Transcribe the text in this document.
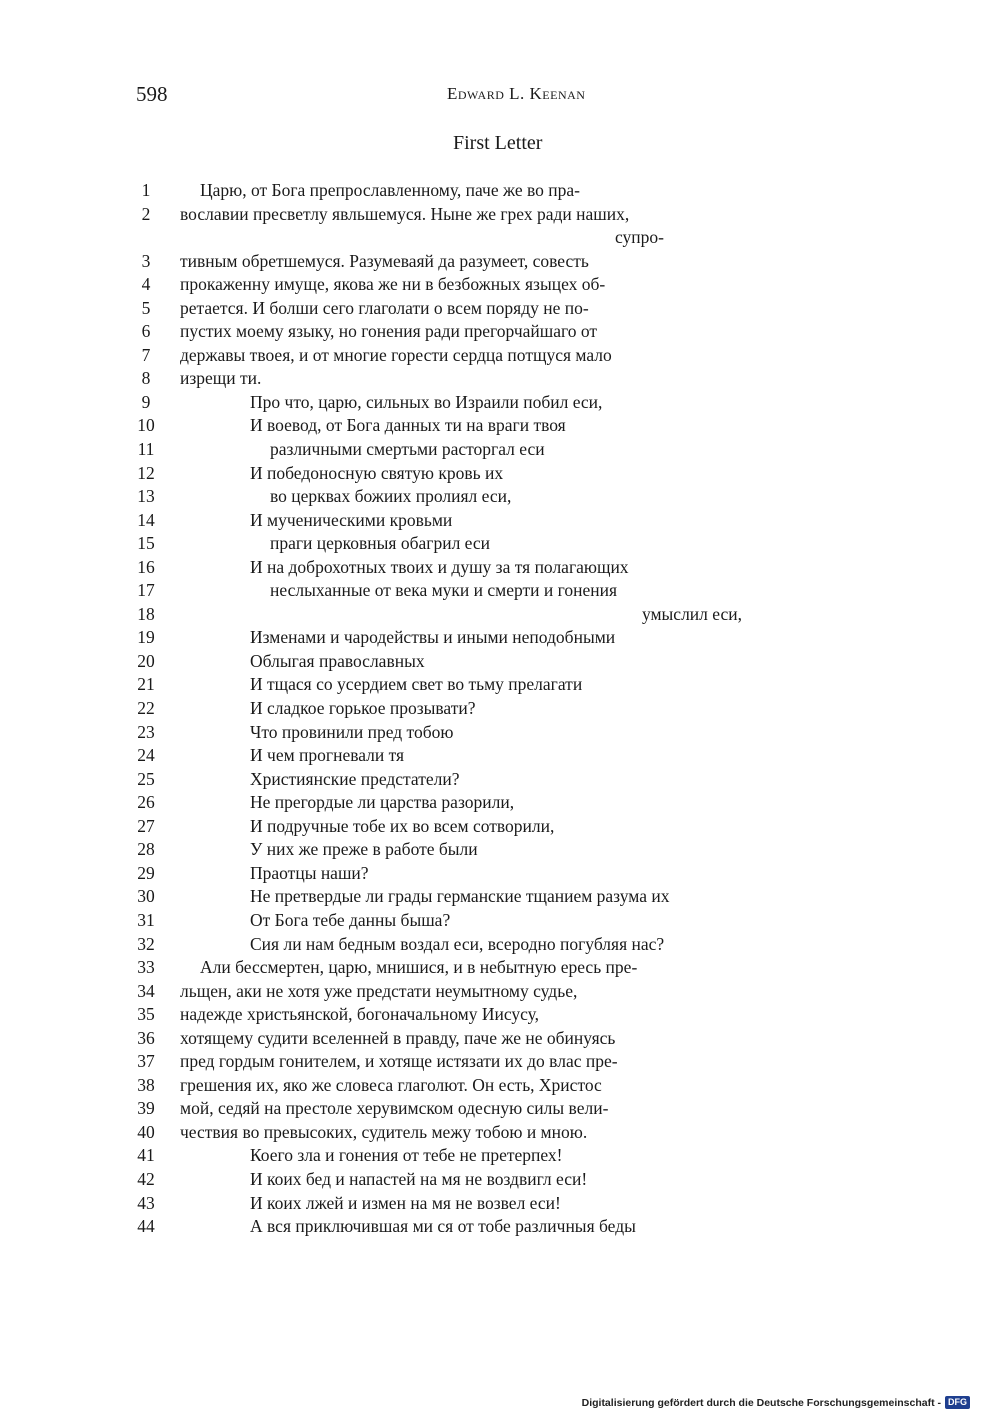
598	Edward L. Keenan
First Letter
1	Царю, от Бога препрославленному, паче же во пра-
2	вославии пресветлу явльшемуся. Ныне же грех ради наших,
супро-
3	тивным обретшемуся. Разумеваяй да разумеет, совесть
4	прокаженну имуще, якова же ни в безбожных языцех об-
5	ретается. И болши сего глаголати о всем поряду не по-
6	пустих моему языку, но гонения ради прегорчайшаго от
7	державы твоея, и от многие горести сердца потщуся мало
8	изрещи ти.
9	Про что, царю, сильных во Израили побил еси,
10	И воевод, от Бога данных ти на враги твоя
11	различными смертьми расторгал еси
12	И победоносную святую кровь их
13	во церквах божиих пролиял еси,
14	И мученическими кровьми
15	праги церковныя обагрил еси
16	И на доброхотных твоих и душу за тя полагающих
17	неслыханные от века муки и смерти и гонения
18	умыслил еси,
19	Изменами и чародействы и иными неподобными
20	Облыгая православных
21	И тщася со усердием свет во тьму прелагати
22	И сладкое горькое прозывати?
23	Что провинили пред тобою
24	И чем прогневали тя
25	Християнские предстатели?
26	Не прегордые ли царства разорили,
27	И подручные тобе их во всем сотворили,
28	У них же преже в работе были
29	Праотцы наши?
30	Не претвердые ли грады германские тщанием разума их
31	От Бога тебе данны быша?
32	Сия ли нам бедным воздал еси, всеродно погубляя нас?
33	Али бессмертен, царю, мнишися, и в небытную ересь пре-
34	льщен, аки не хотя уже предстати неумытному судье,
35	надежде христьянской, богоначальному Иисусу,
36	хотящему судити вселенней в правду, паче же не обинуясь
37	пред гордым гонителем, и хотяще истязати их до влас пре-
38	грешения их, яко же словеса глаголют. Он есть, Христос
39	мой, седяй на престоле херувимском одесную силы вели-
40	чествия во превысоких, судитель межу тобою и мною.
41	Коего зла и гонения от тебе не претерпех!
42	И коих бед и напастей на мя не воздвигл еси!
43	И коих лжей и измен на мя не возвел еси!
44	А вся приключившая ми ся от тобе различныя беды
Digitalisierung gefördert durch die Deutsche Forschungsgemeinschaft - DFG
